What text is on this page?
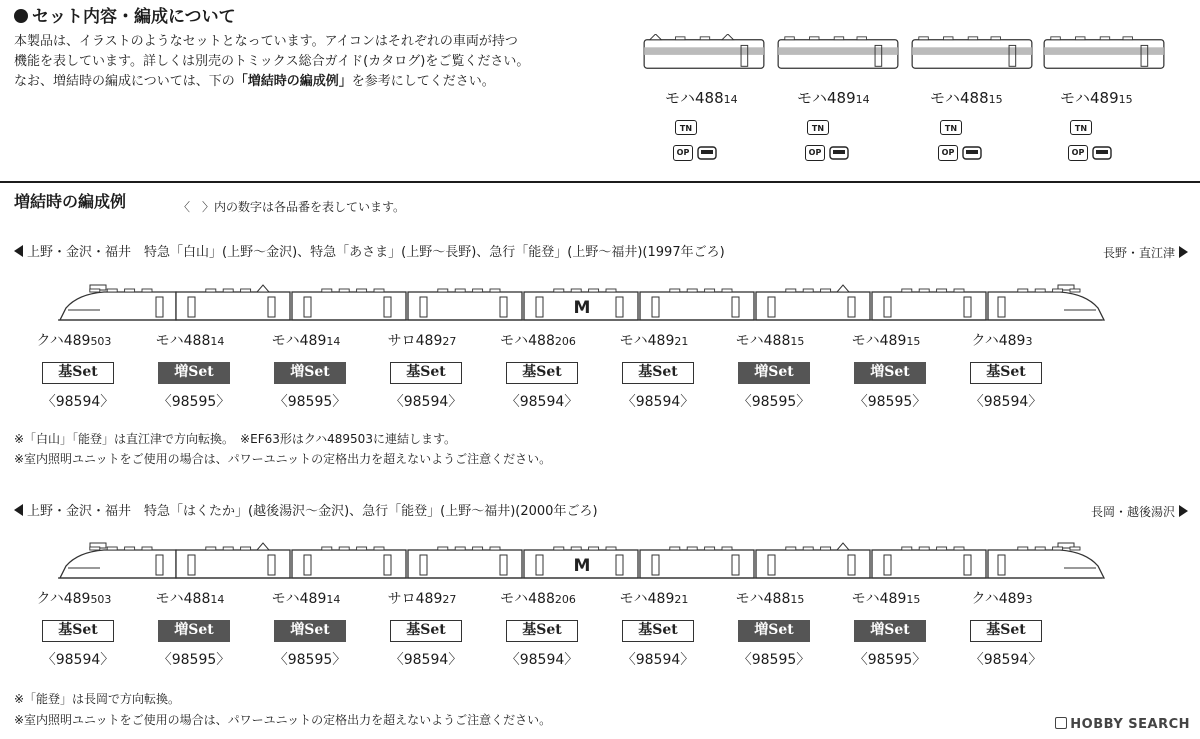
セット内容・編成について
本製品は、イラストのようなセットとなっています。アイコンはそれぞれの車両が持つ
機能を表しています。詳しくは別売のトミックス総合ガイド(カタログ)をご覧ください。
なお、増結時の編成については、下の「増結時の編成例」を参考にしてください。
モハ48814
TN
OP
モハ48914
TN
OP
モハ48815
TN
OP
モハ48915
TN
OP
増結時の編成例	〈　〉内の数字は各品番を表しています。
上野・金沢・福井　特急「白山」(上野〜金沢)、特急「あさま」(上野〜長野)、急行「能登」(上野〜福井)(1997年ごろ)	長野・直江津
M
クハ489503
基Set
〈98594〉
モハ48814
増Set
〈98595〉
モハ48914
増Set
〈98595〉
サロ48927
基Set
〈98594〉
モハ488206
基Set
〈98594〉
モハ48921
基Set
〈98594〉
モハ48815
増Set
〈98595〉
モハ48915
増Set
〈98595〉
クハ4893
基Set
〈98594〉
※「白山」「能登」は直江津で方向転換。　※EF63形はクハ489503に連結します。
※室内照明ユニットをご使用の場合は、パワーユニットの定格出力を超えないようご注意ください。
上野・金沢・福井　特急「はくたか」(越後湯沢〜金沢)、急行「能登」(上野〜福井)(2000年ごろ)	長岡・越後湯沢
M
クハ489503
基Set
〈98594〉
モハ48814
増Set
〈98595〉
モハ48914
増Set
〈98595〉
サロ48927
基Set
〈98594〉
モハ488206
基Set
〈98594〉
モハ48921
基Set
〈98594〉
モハ48815
増Set
〈98595〉
モハ48915
増Set
〈98595〉
クハ4893
基Set
〈98594〉
※「能登」は長岡で方向転換。
※室内照明ユニットをご使用の場合は、パワーユニットの定格出力を超えないようご注意ください。	HOBBY SEARCH
